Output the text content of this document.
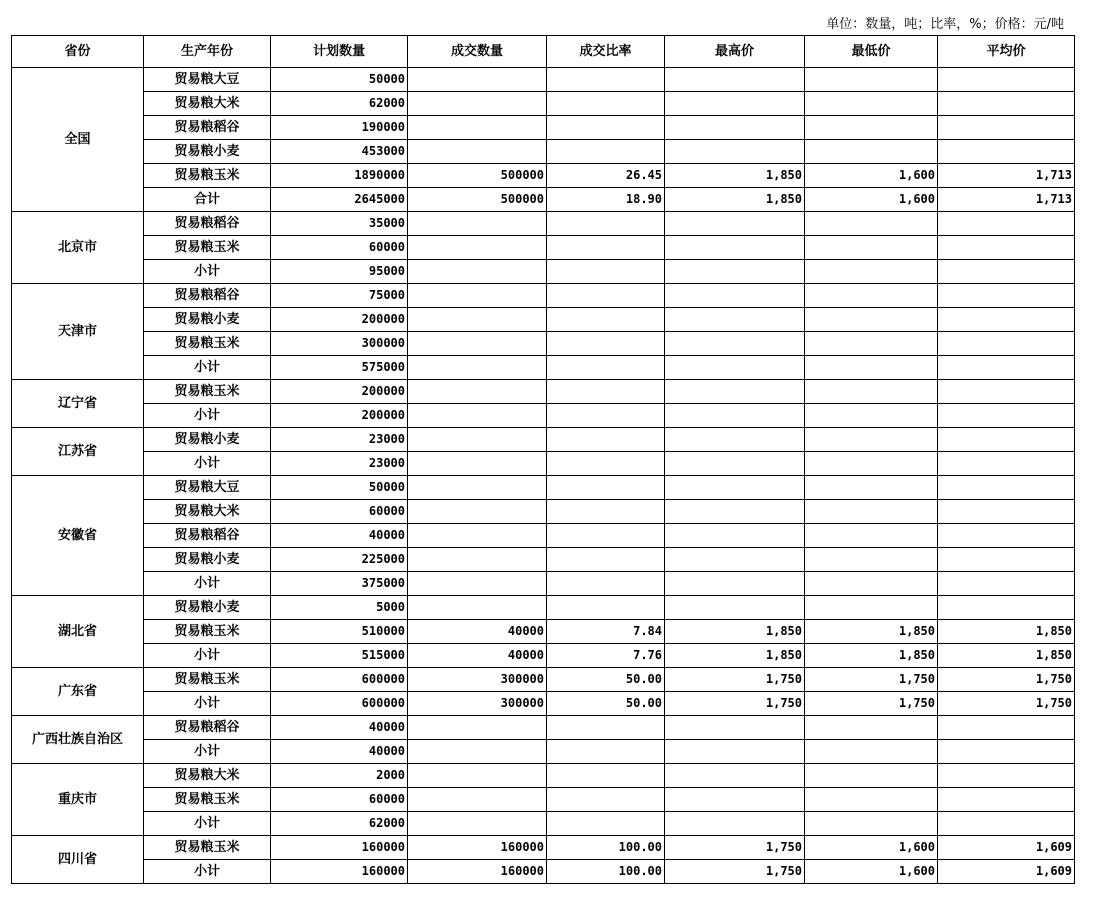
单位：数量，吨；比率，%；价格：元/吨
省份	生产年份	计划数量	成交数量	成交比率	最高价	最低价	平均价
全国	贸易粮大豆	50000					
	贸易粮大米	62000					
	贸易粮稻谷	190000					
	贸易粮小麦	453000					
	贸易粮玉米	1890000	500000	26.45	1,850	1,600	1,713
	合计	2645000	500000	18.90	1,850	1,600	1,713
北京市	贸易粮稻谷	35000					
	贸易粮玉米	60000					
	小计	95000					
天津市	贸易粮稻谷	75000					
	贸易粮小麦	200000					
	贸易粮玉米	300000					
	小计	575000					
辽宁省	贸易粮玉米	200000					
	小计	200000					
江苏省	贸易粮小麦	23000					
	小计	23000					
安徽省	贸易粮大豆	50000					
	贸易粮大米	60000					
	贸易粮稻谷	40000					
	贸易粮小麦	225000					
	小计	375000					
湖北省	贸易粮小麦	5000					
	贸易粮玉米	510000	40000	7.84	1,850	1,850	1,850
	小计	515000	40000	7.76	1,850	1,850	1,850
广东省	贸易粮玉米	600000	300000	50.00	1,750	1,750	1,750
	小计	600000	300000	50.00	1,750	1,750	1,750
广西壮族自治区	贸易粮稻谷	40000					
	小计	40000					
重庆市	贸易粮大米	2000					
	贸易粮玉米	60000					
	小计	62000					
四川省	贸易粮玉米	160000	160000	100.00	1,750	1,600	1,609
	小计	160000	160000	100.00	1,750	1,600	1,609
